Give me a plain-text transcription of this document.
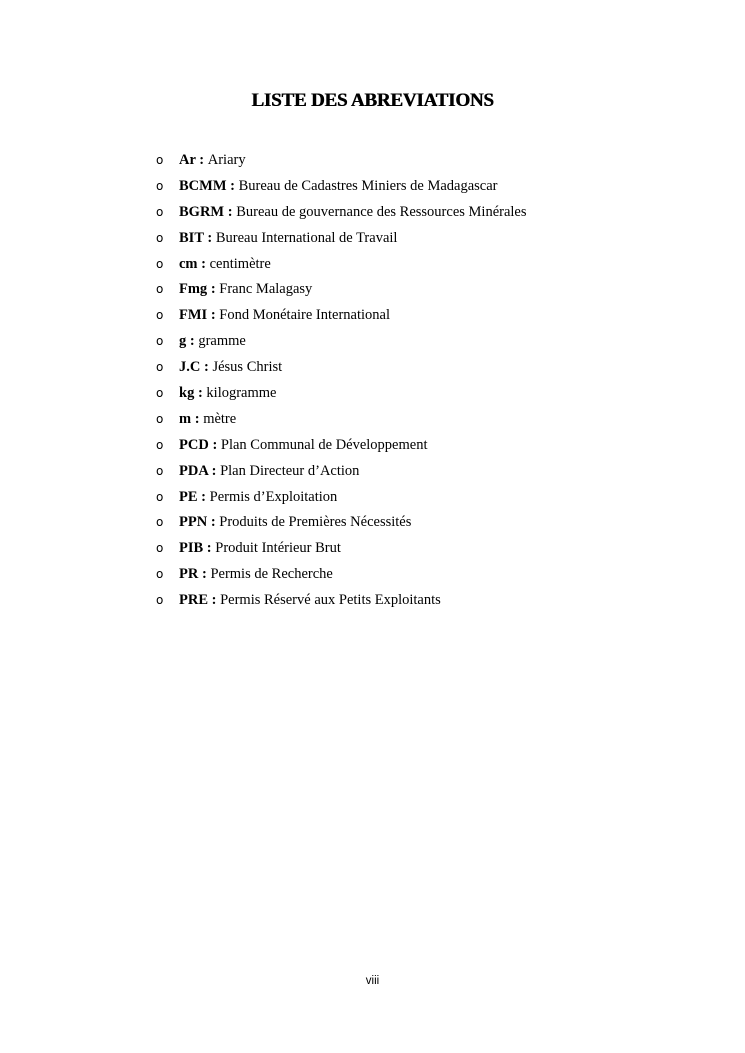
LISTE DES ABREVIATIONS
o	Ar : Ariary
o	BCMM : Bureau de Cadastres Miniers de Madagascar
o	BGRM : Bureau de gouvernance des Ressources Minérales
o	BIT : Bureau International de Travail
o	cm : centimètre
o	Fmg : Franc Malagasy
o	FMI : Fond Monétaire International
o	g : gramme
o	J.C : Jésus Christ
o	kg : kilogramme
o	m : mètre
o	PCD : Plan Communal de Développement
o	PDA : Plan Directeur d’Action
o	PE : Permis d’Exploitation
o	PPN : Produits de Premières Nécessités
o	PIB : Produit Intérieur Brut
o	PR : Permis de Recherche
o	PRE : Permis Réservé aux Petits Exploitants
viii
